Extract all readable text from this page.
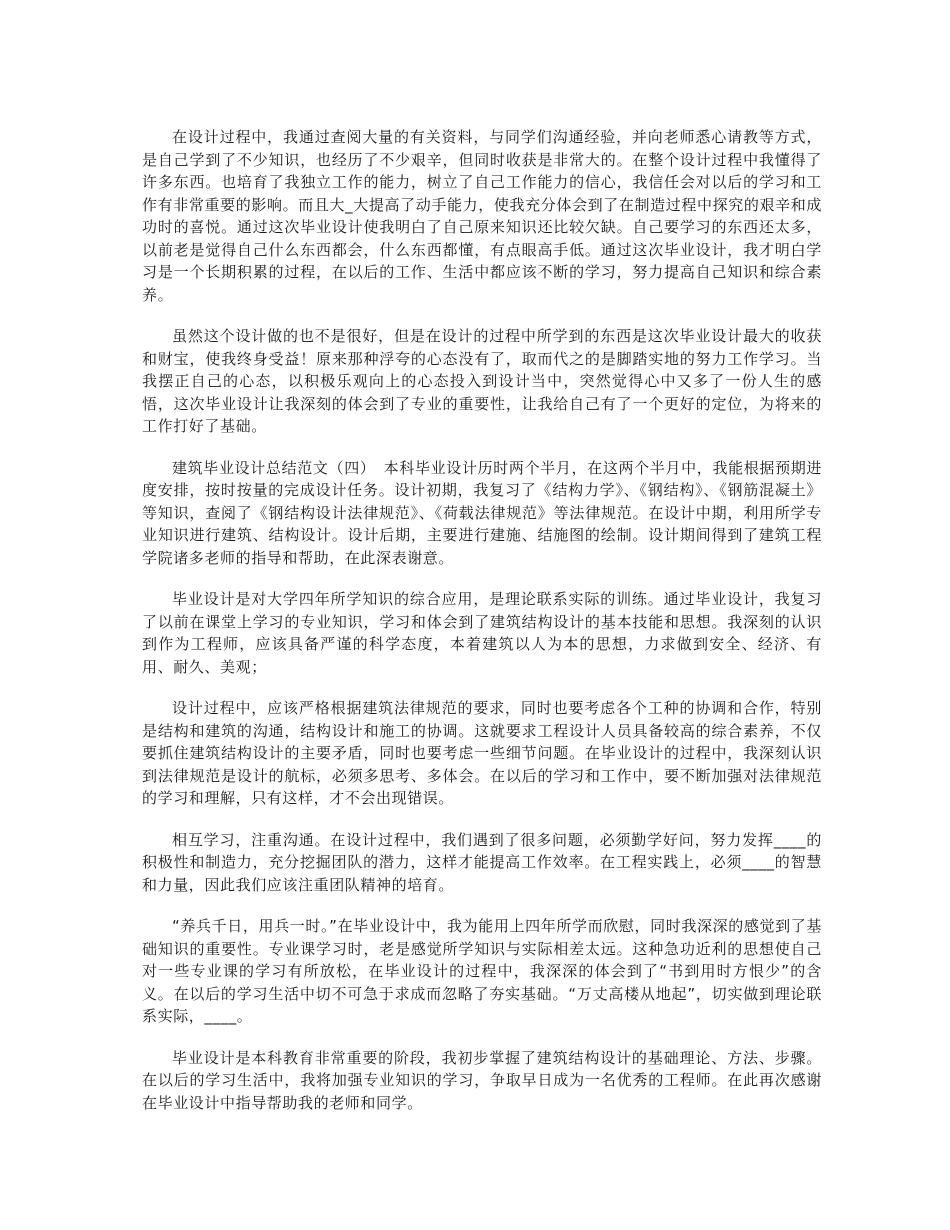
在设计过程中，我通过查阅大量的有关资料，与同学们沟通经验，并向老师悉心请教等方式，是自己学到了不少知识，也经历了不少艰辛，但同时收获是非常大的。在整个设计过程中我懂得了许多东西。也培育了我独立工作的能力，树立了自己工作能力的信心，我信任会对以后的学习和工作有非常重要的影响。而且大_大提高了动手能力，使我充分体会到了在制造过程中探究的艰辛和成功时的喜悦。通过这次毕业设计使我明白了自己原来知识还比较欠缺。自己要学习的东西还太多，以前老是觉得自己什么东西都会，什么东西都懂，有点眼高手低。通过这次毕业设计，我才明白学习是一个长期积累的过程，在以后的工作、生活中都应该不断的学习，努力提高自己知识和综合素养。

虽然这个设计做的也不是很好，但是在设计的过程中所学到的东西是这次毕业设计最大的收获和财宝，使我终身受益！原来那种浮夸的心态没有了，取而代之的是脚踏实地的努力工作学习。当我摆正自己的心态，以积极乐观向上的心态投入到设计当中，突然觉得心中又多了一份人生的感悟，这次毕业设计让我深刻的体会到了专业的重要性，让我给自己有了一个更好的定位，为将来的工作打好了基础。

建筑毕业设计总结范文（四）　本科毕业设计历时两个半月，在这两个半月中，我能根据预期进度安排，按时按量的完成设计任务。设计初期，我复习了《结构力学》、《钢结构》、《钢筋混凝土》等知识，查阅了《钢结构设计法律规范》、《荷载法律规范》等法律规范。在设计中期，利用所学专业知识进行建筑、结构设计。设计后期，主要进行建施、结施图的绘制。设计期间得到了建筑工程学院诸多老师的指导和帮助，在此深表谢意。

毕业设计是对大学四年所学知识的综合应用，是理论联系实际的训练。通过毕业设计，我复习了以前在课堂上学习的专业知识，学习和体会到了建筑结构设计的基本技能和思想。我深刻的认识到作为工程师，应该具备严谨的科学态度，本着建筑以人为本的思想，力求做到安全、经济、有用、耐久、美观；

设计过程中，应该严格根据建筑法律规范的要求，同时也要考虑各个工种的协调和合作，特别是结构和建筑的沟通，结构设计和施工的协调。这就要求工程设计人员具备较高的综合素养，不仅要抓住建筑结构设计的主要矛盾，同时也要考虑一些细节问题。在毕业设计的过程中，我深刻认识到法律规范是设计的航标，必须多思考、多体会。在以后的学习和工作中，要不断加强对法律规范的学习和理解，只有这样，才不会出现错误。

相互学习，注重沟通。在设计过程中，我们遇到了很多问题，必须勤学好问，努力发挥____的积极性和制造力，充分挖掘团队的潜力，这样才能提高工作效率。在工程实践上，必须____的智慧和力量，因此我们应该注重团队精神的培育。

“养兵千日，用兵一时。”在毕业设计中，我为能用上四年所学而欣慰，同时我深深的感觉到了基础知识的重要性。专业课学习时，老是感觉所学知识与实际相差太远。这种急功近利的思想使自己对一些专业课的学习有所放松，在毕业设计的过程中，我深深的体会到了“书到用时方恨少”的含义。在以后的学习生活中切不可急于求成而忽略了夯实基础。“万丈高楼从地起”，切实做到理论联系实际，____。

毕业设计是本科教育非常重要的阶段，我初步掌握了建筑结构设计的基础理论、方法、步骤。在以后的学习生活中，我将加强专业知识的学习，争取早日成为一名优秀的工程师。在此再次感谢在毕业设计中指导帮助我的老师和同学。
